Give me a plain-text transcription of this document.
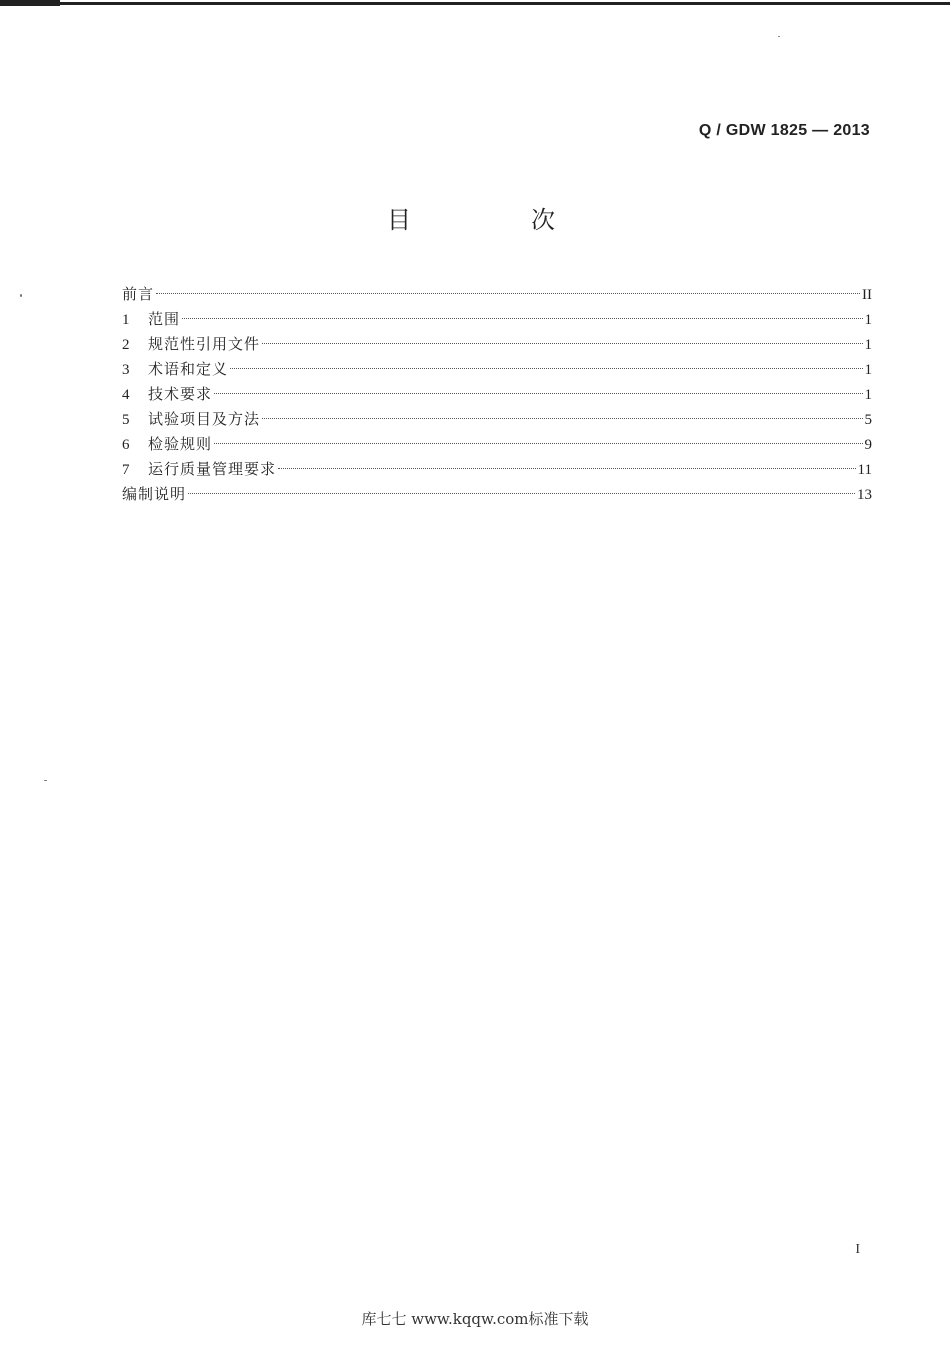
Q / GDW 1825 — 2013
目　次
前言	II
1	范围	1
2	规范性引用文件	1
3	术语和定义	1
4	技术要求	1
5	试验项目及方法	5
6	检验规则	9
7	运行质量管理要求	11
编制说明	13
I
库七七 www.kqqw.com标准下载
